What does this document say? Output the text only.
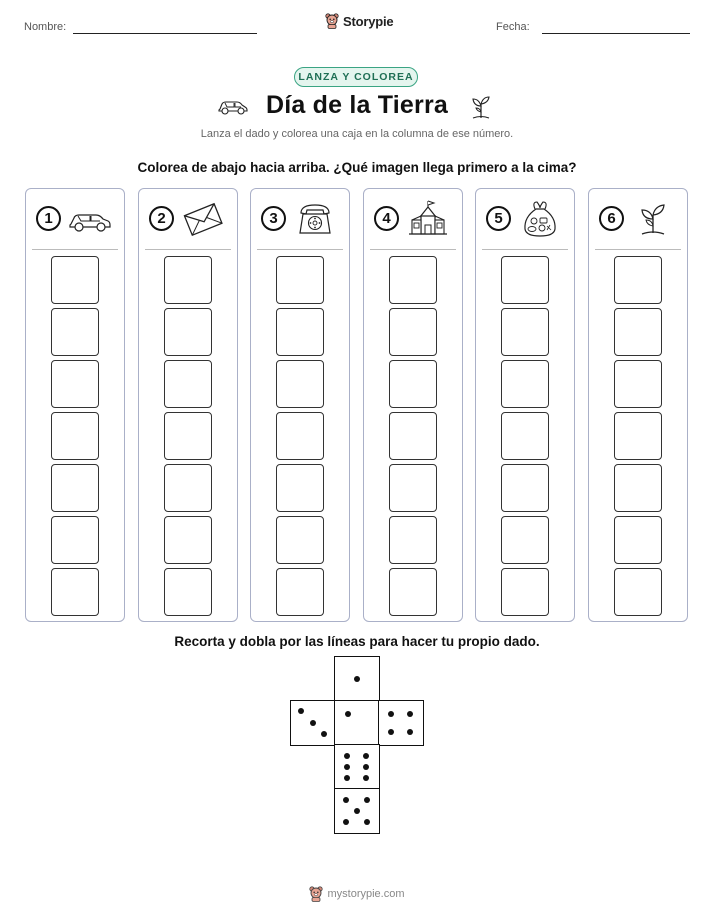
Nombre:	Storypie	Fecha:
LANZA Y COLOREA
Día de la Tierra
Lanza el dado y colorea una caja en la columna de ese número.
Colorea de abajo hacia arriba. ¿Qué imagen llega primero a la cima?
1	2	3	4	5	6
Recorta y dobla por las líneas para hacer tu propio dado.
mystorypie.com
